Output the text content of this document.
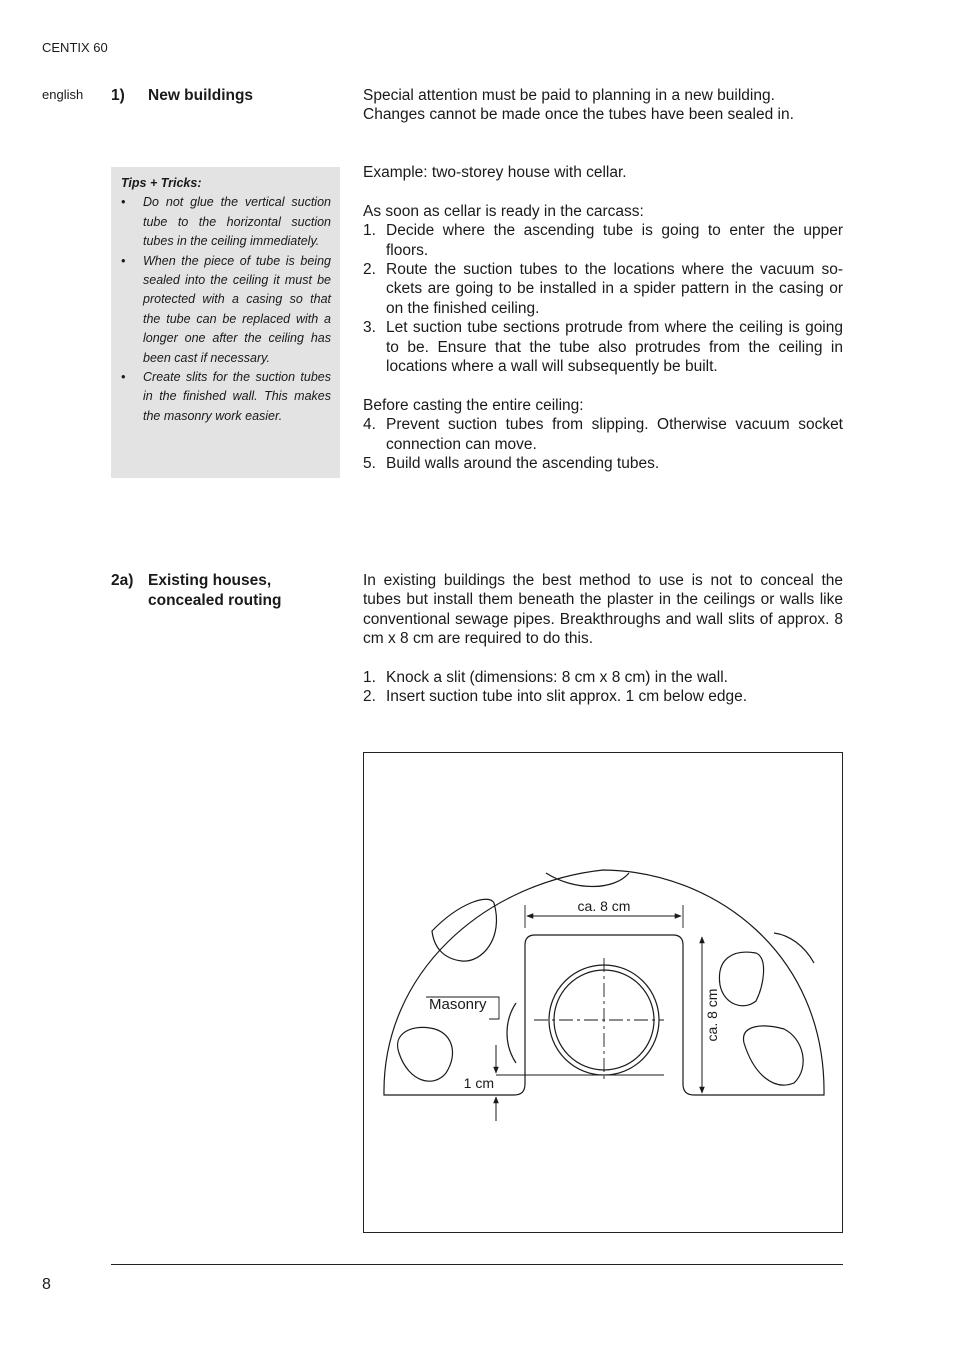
CENTIX 60
english 1) New buildings	Special attention must be paid to planning in a new building.

Changes cannot be made once the tubes have been sealed in.

Example: two-storey house with cellar.

As soon as cellar is ready in the carcass:

1. Decide where the ascending tube is going to enter the upper floors.
2. Route the suction tubes to the locations where the vacuum sockets are going to be installed in a spider pattern in the casing or on the finished ceiling.
3. Let suction tube sections protrude from where the ceiling is going to be. Ensure that the tube also protrudes from the ceiling in locations where a wall will subsequently be built.

Before casting the entire ceiling:

4. Prevent suction tubes from slipping. Otherwise vacuum socket connection can move.
5. Build walls around the ascending tubes.
Tips + Tricks:
•	Do not glue the vertical suction tube to the horizontal suction tubes in the ceiling immediately.
•	When the piece of tube is being sealed into the ceiling it must be protected with a casing so that the tube can be replaced with a longer one after the ceiling has been cast if necessary.
•	Create slits for the suction tubes in the finished wall. This makes the masonry work easier.
2a) Existing houses,
concealed routing

In existing buildings the best method to use is not to conceal the tubes but install them beneath the plaster in the ceilings or walls like conventional sewage pipes. Breakthroughs and wall slits of approx. 8 cm x 8 cm are required to do this.

1. Knock a slit (dimensions: 8 cm x 8 cm) in the wall.
2. Insert suction tube into slit approx. 1 cm below edge.
ca. 8 cm
Masonry
1 cm
ca. 8 cm
8
